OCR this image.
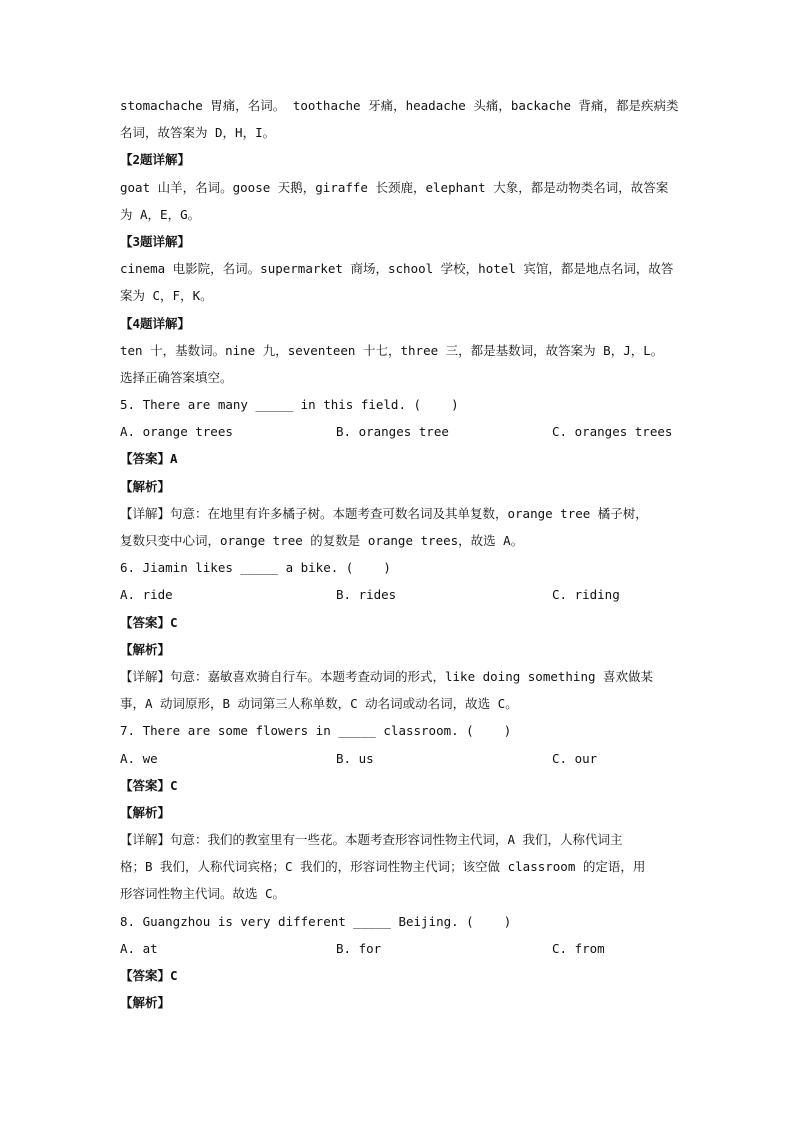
stomachache 胃痛，名词。 toothache 牙痛，headache 头痛，backache 背痛，都是疾病类
名词，故答案为 D，H，I。
【2题详解】
goat 山羊，名词。goose 天鹅，giraffe 长颈鹿，elephant 大象，都是动物类名词，故答案
为 A，E，G。
【3题详解】
cinema 电影院，名词。supermarket 商场，school 学校，hotel 宾馆，都是地点名词，故答
案为 C，F，K。
【4题详解】
ten 十，基数词。nine 九，seventeen 十七，three 三，都是基数词，故答案为 B，J，L。
选择正确答案填空。
5. There are many _____ in this field. (    )
A. orange trees	B. oranges tree	C. oranges trees
【答案】A
【解析】
【详解】句意：在地里有许多橘子树。本题考查可数名词及其单复数，orange tree 橘子树，
复数只变中心词，orange tree 的复数是 orange trees，故选 A。
6. Jiamin likes _____ a bike. (    )
A. ride	B. rides	C. riding
【答案】C
【解析】
【详解】句意：嘉敏喜欢骑自行车。本题考查动词的形式，like doing something 喜欢做某
事，A 动词原形，B 动词第三人称单数，C 动名词或动名词，故选 C。
7. There are some flowers in _____ classroom. (    )
A. we	B. us	C. our
【答案】C
【解析】
【详解】句意：我们的教室里有一些花。本题考查形容词性物主代词，A 我们，人称代词主
格；B 我们，人称代词宾格；C 我们的，形容词性物主代词；该空做 classroom 的定语，用
形容词性物主代词。故选 C。
8. Guangzhou is very different _____ Beijing. (    )
A. at	B. for	C. from
【答案】C
【解析】
